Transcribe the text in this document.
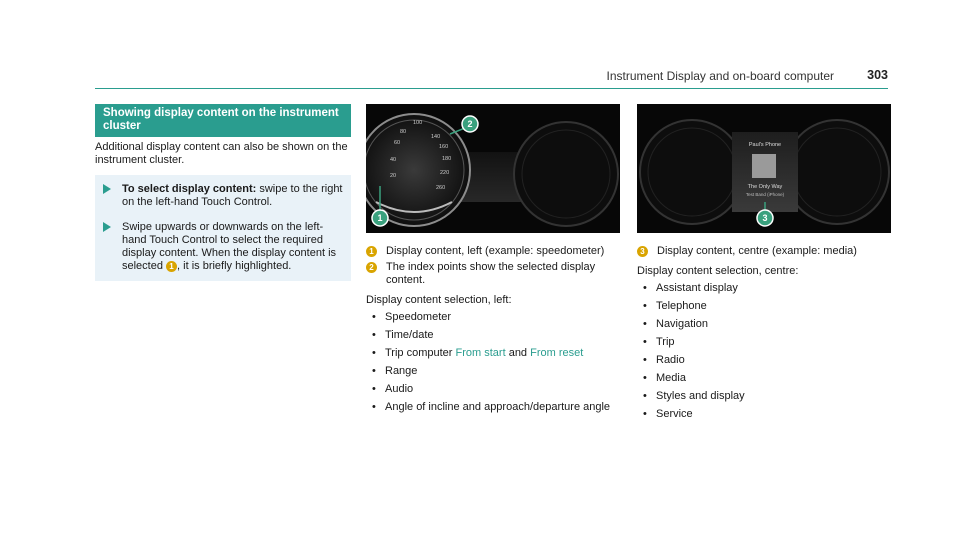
Instrument Display and on-board computer	303
Showing display content on the instrument cluster
Additional display content can also be shown on the instrument cluster.
To select display content: swipe to the right on the left-hand Touch Control.
Swipe upwards or downwards on the left-hand Touch Control to select the required display content. When the display content is selected 1 , it is briefly highlighted.
40
60
80
100
140
160
180
220
260
20
1
2
Paul's Phone
The Only Way
Test Band (iPhone)
3
1 Display content, left (example: speedometer)
2 The index points show the selected display content.
Display content selection, left:
• Speedometer
• Time/date
• Trip computer From start and From reset
• Range
• Audio
• Angle of incline and approach/departure angle
3 Display content, centre (example: media)
Display content selection, centre:
• Assistant display
• Telephone
• Navigation
• Trip
• Radio
• Media
• Styles and display
• Service
